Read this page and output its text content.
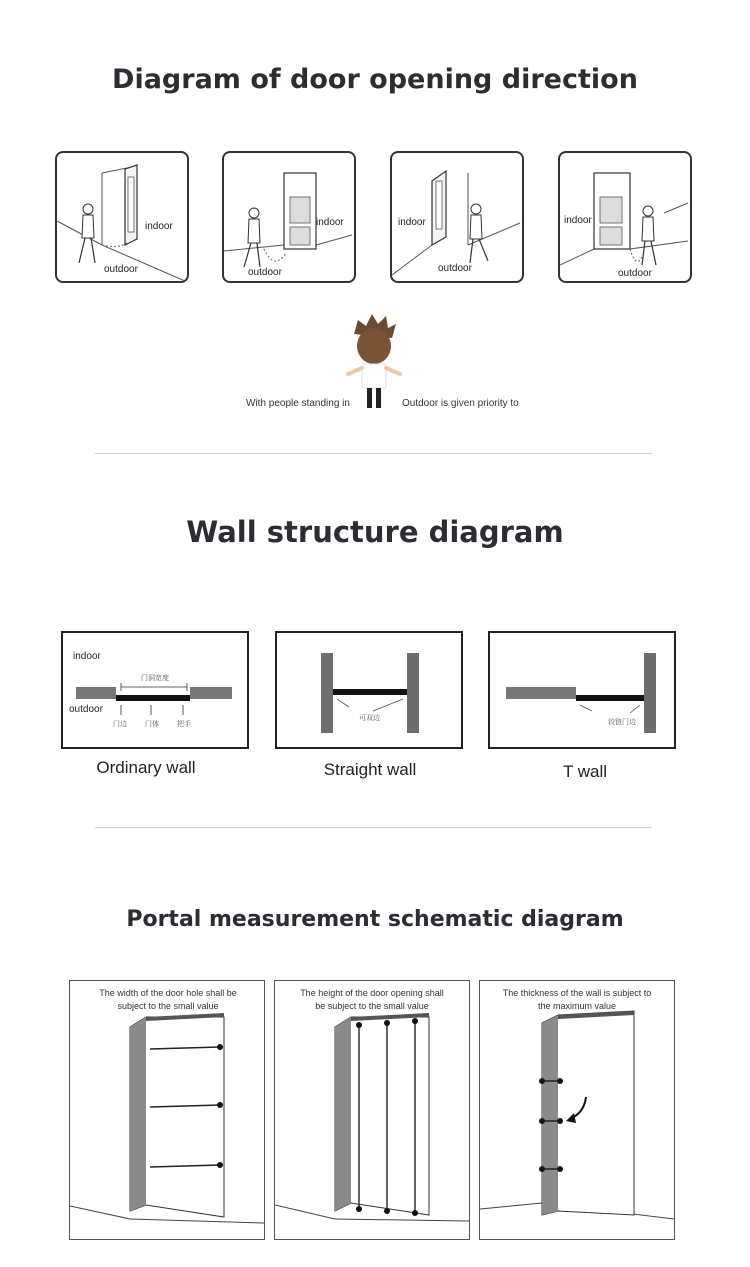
Diagram of door opening direction
indoor
outdoor
indoor
outdoor
indoor
outdoor
indoor
outdoor
With people standing in	Outdoor is given priority to
Wall structure diagram
indoor
outdoor
门洞宽度
门边	门体	把手
Ordinary wall
可双边
Straight wall
铰链门边
T wall
Portal measurement schematic diagram
The width of the door hole shall be subject to the small value
The height of the door opening shall be subject to the small value
The thickness of the wall is subject to the maximum value
